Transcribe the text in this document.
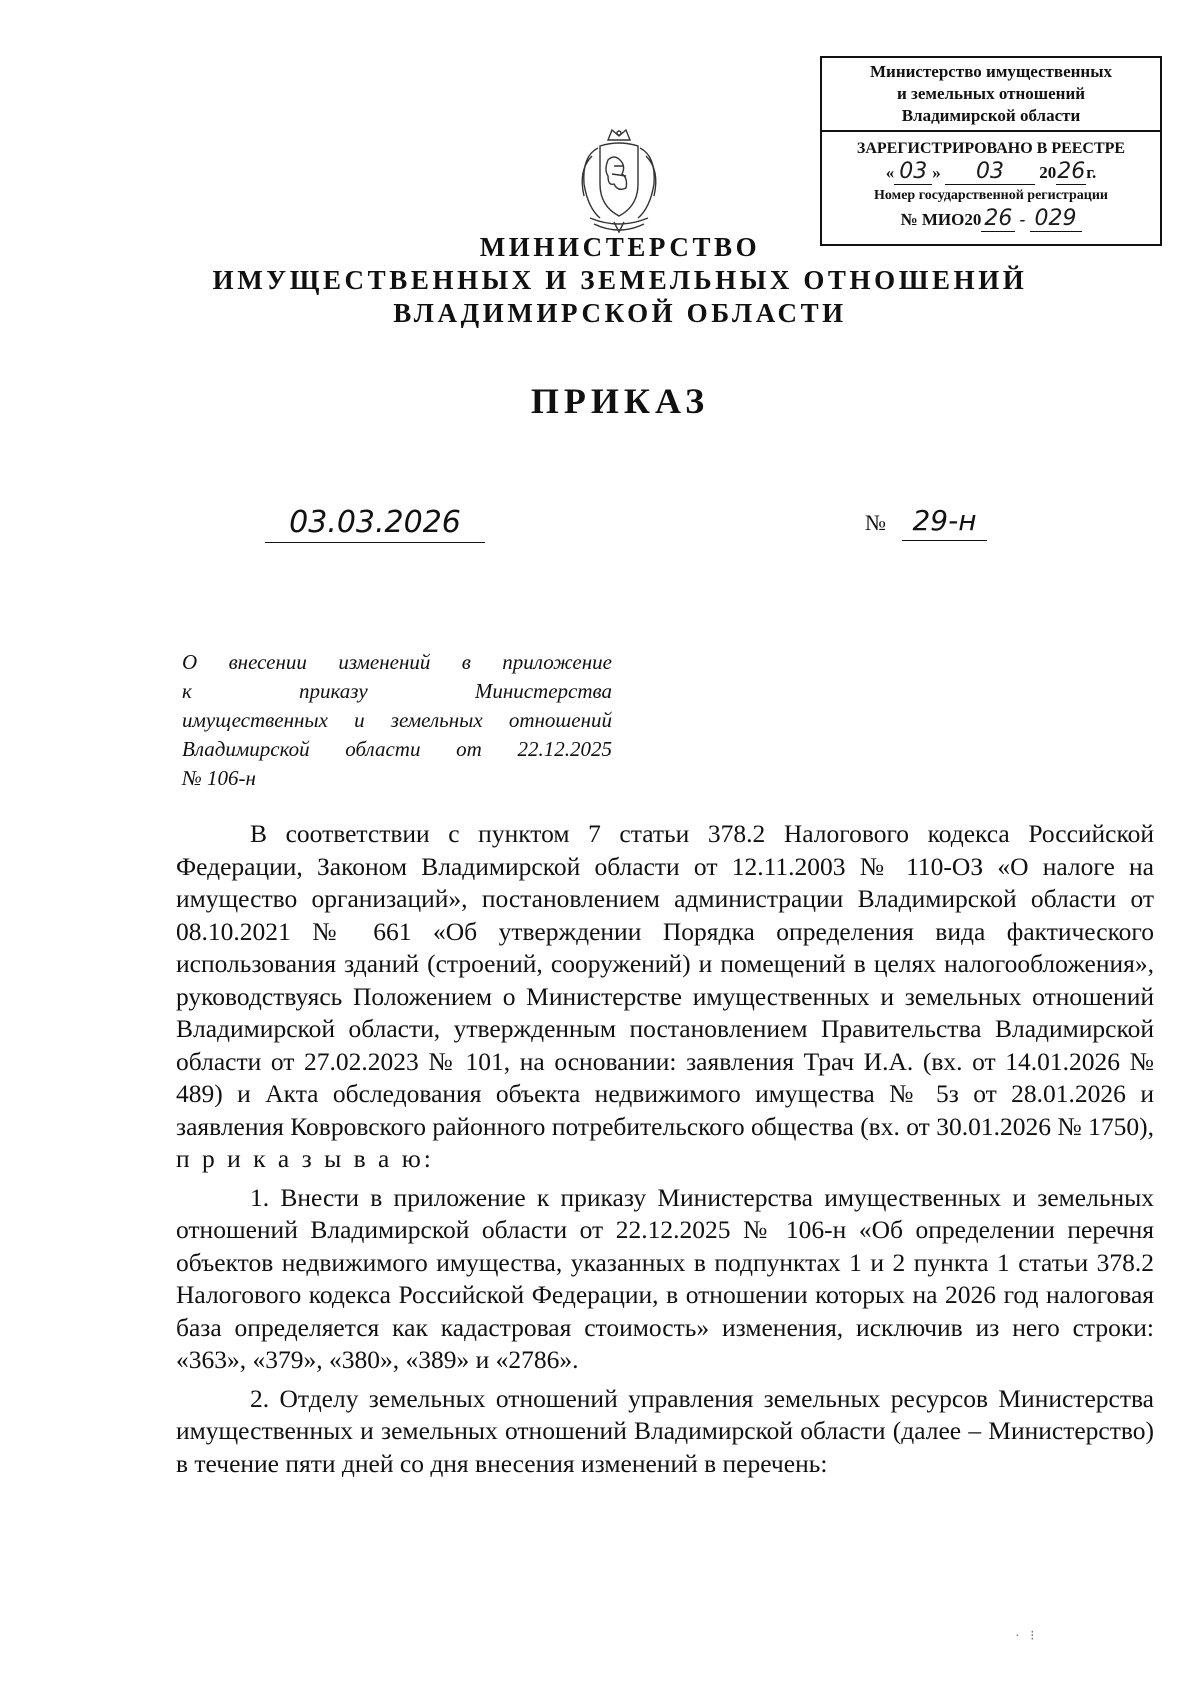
Министерство имущественных
и земельных отношений
Владимирской области
ЗАРЕГИСТРИРОВАНО В РЕЕСТРЕ
« 03 » 03 2026г.
Номер государственной регистрации
№ МИО20 26 - 029
МИНИСТЕРСТВО
ИМУЩЕСТВЕННЫХ И ЗЕМЕЛЬНЫХ ОТНОШЕНИЙ
ВЛАДИМИРСКОЙ ОБЛАСТИ
ПРИКАЗ
03.03.2026	№ 29-н
О внесении изменений в приложение
к приказу Министерства
имущественных и земельных отношений
Владимирской области от 22.12.2025
№ 106-н

В соответствии с пунктом 7 статьи 378.2 Налогового кодекса Российской Федерации, Законом Владимирской области от 12.11.2003 № 110-ОЗ «О налоге на имущество организаций», постановлением администрации Владимирской области от 08.10.2021 № 661 «Об утверждении Порядка определения вида фактического использования зданий (строений, сооружений) и помещений в целях налогообложения», руководствуясь Положением о Министерстве имущественных и земельных отношений Владимирской области, утвержденным постановлением Правительства Владимирской области от 27.02.2023 № 101, на основании: заявления Трач И.А. (вх. от 14.01.2026 № 489) и Акта обследования объекта недвижимого имущества № 5з от 28.01.2026 и заявления Ковровского районного потребительского общества (вх. от 30.01.2026 № 1750), п р и к а з ы в а ю:

1. Внести в приложение к приказу Министерства имущественных и земельных отношений Владимирской области от 22.12.2025 № 106-н «Об определении перечня объектов недвижимого имущества, указанных в подпунктах 1 и 2 пункта 1 статьи 378.2 Налогового кодекса Российской Федерации, в отношении которых на 2026 год налоговая база определяется как кадастровая стоимость» изменения, исключив из него строки: «363», «379», «380», «389» и «2786».

2. Отделу земельных отношений управления земельных ресурсов Министерства имущественных и земельных отношений Владимирской области (далее – Министерство) в течение пяти дней со дня внесения изменений в перечень:

·   ⁝
